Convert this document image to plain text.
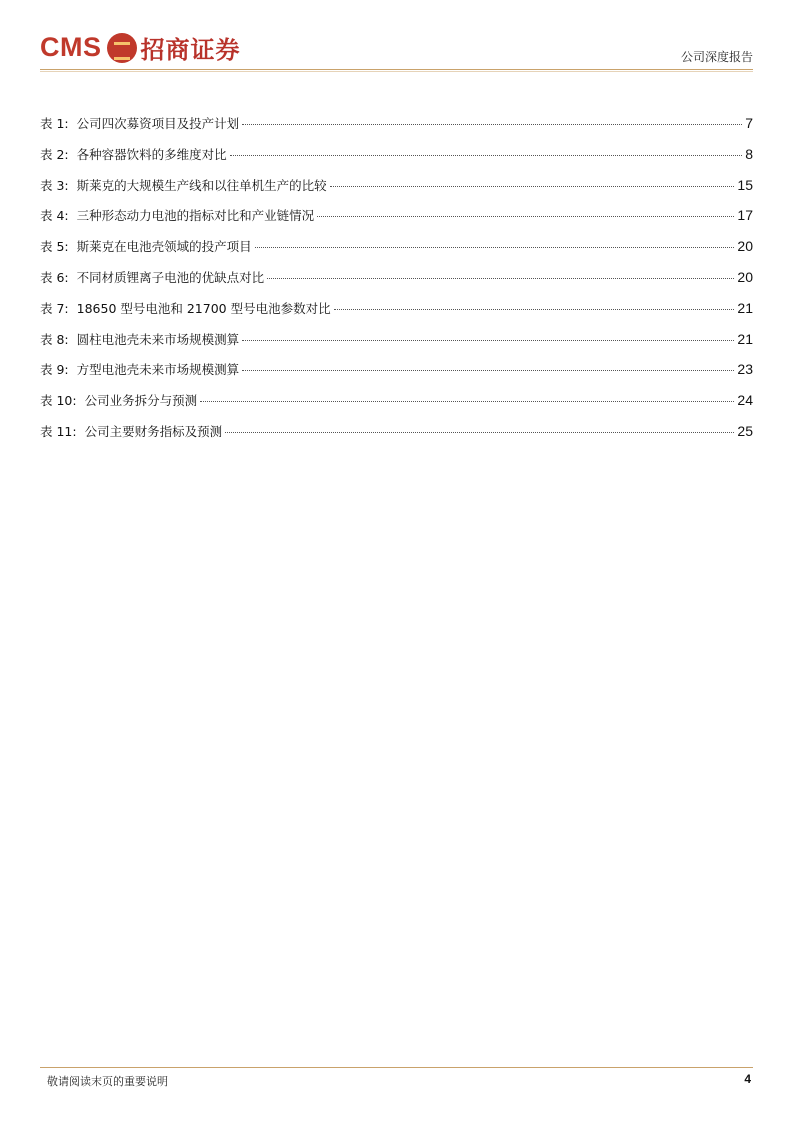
CMS 招商证券	公司深度报告
表 1: 公司四次募资项目及投产计划	7
表 2: 各种容器饮料的多维度对比	8
表 3: 斯莱克的大规模生产线和以往单机生产的比较	15
表 4: 三种形态动力电池的指标对比和产业链情况	17
表 5: 斯莱克在电池壳领域的投产项目	20
表 6: 不同材质锂离子电池的优缺点对比	20
表 7: 18650 型号电池和 21700 型号电池参数对比	21
表 8: 圆柱电池壳未来市场规模测算	21
表 9: 方型电池壳未来市场规模测算	23
表 10: 公司业务拆分与预测	24
表 11: 公司主要财务指标及预测	25
敬请阅读末页的重要说明	4
